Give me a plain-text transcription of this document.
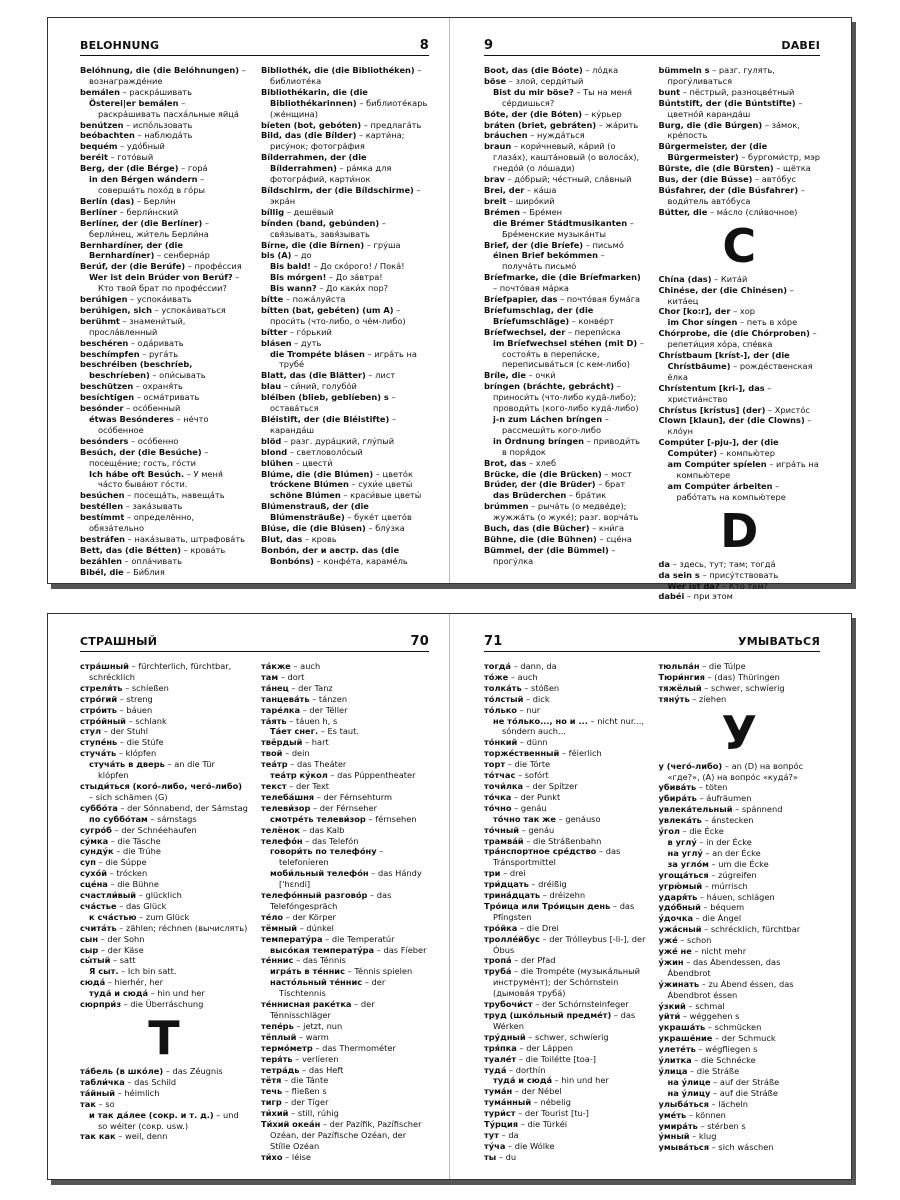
BELOHNUNG	8
Belóhnung, die (die Belóhnungen) – вознаграждéние
bemálen – раскрáшивать
Österei|er bemálen – раскрáшивать пасхáльные яйцá
benútzen – испóльзовать
beóbachten – наблюдáть
bequém – удóбный
beréit – готóвый
Berg, der (die Bérge) – горá
in den Bérgen wándern – совершáть похóд в гóры
Berlín (das) – Берли́н
Berlíner – берли́нский
Berlíner, der (die Berlíner) – берли́нец, жи́тель Берли́на
Bernhardíner, der (die Bernhardíner) – сенбернáр
Berúf, der (die Berúfe) – профéссия
Wer ist dein Brúder von Berúf? – Кто твой брат по профéссии?
berúhigen – успокáивать
berúhigen, sich – успокáиваться
berühmt – знамени́тый, прослáвленный
beschéren – одáривать
beschímpfen – ругáть
beschréiben (beschríeb, beschríeben) – опи́сывать
beschützen – охраня́ть
besíchtigen – осмáтривать
besónder – осóбенный
étwas Besónderes – нéчто осóбенное
besónders – осóбенно
Besúch, der (die Besúche) – посещéние; гость, гóсти
Ich hábe oft Besúch. – У меня́ чáсто быва́ют гóсти.
besúchen – посещáть, навещáть
bestéllen – закáзывать
bestímmt – определённо, обязáтельно
bestráfen – накáзывать, штрафовáть
Bett, das (die Bétten) – кровáть
bezáhlen – оплáчивать
Bibél, die – Би́блия
Bibliothék, die (die Bibliothéken) – библиотéка
Bibliothékarin, die (die Bibliothékarinnen) – библиотéкарь (жéнщина)
bíeten (bot, gebóten) – предлагáть
Bild, das (die Bílder) – карти́на; рисýнок; фотогрáфия
Bílderrahmen, der (die Bílderrahmen) – рáмка для фотогрáфий, карти́нок
Bíldschirm, der (die Bíldschirme) – экрáн
bíllig – дешёвый
bínden (band, gebúnden) – свя́зывать, завя́зывать
Bírne, die (die Bírnen) – грýша
bis (A) – до
Bis bald! – До скóрого! / Покá!
Bis mórgen! – До зáвтра!
Bis wann? – До каки́х пор?
bítte – пожáлуйста
bítten (bat, gebéten) (um A) – проси́ть (что-либо, о чём-либо)
bítter – гóрький
blásen – дуть
die Trompéte blásen – игрáть на трубé
Blatt, das (die Blätter) – лист
blau – си́ний, голубóй
bléiben (blieb, geblíeben) s – оставáться
Bléistift, der (die Bléistifte) – карандáш
blöd – разг. дурáцкий, глýпый
blond – светловолóсый
blühen – цвести́
Blúme, die (die Blúmen) – цветóк
tróckene Blúmen – сухи́е цветы́
schöne Blúmen – краси́вые цветы́
Blúmenstrauß, der (die Blúmensträuße) – букéт цветóв
Blúse, die (die Blúsen) – блýзка
Blut, das – кровь
Bonbón, der и австр. das (die Bonbóns) – конфéта, карамéль
9	DABEI
Boot, das (die Bóote) – лóдка
böse – злой, серди́тый
Bist du mir böse? – Ты на меня́ сéрдишься?
Bóte, der (die Bóten) – кýрьер
bráten (briet, gebráten) – жáрить
bráuchen – нуждáться
braun – кори́чневый, кáрий (о глазáх), каштáновый (о волосáх), гнедóй (о лóшади)
brav – дóбрый; чéстный, слáвный
Brei, der – кáша
breit – широ́кий
Brémen – Брéмен
die Brémer Stádtmusikanten – Брéменские музыкáнты
Brief, der (die Bríefe) – письмó
éinen Brief bekómmen – получáть письмó
Bríefmarke, die (die Bríefmarken) – почтóвая мáрка
Bríefpapier, das – почтóвая бумáга
Bríefumschlag, der (die Bríefumschläge) – конвéрт
Bríefwechsel, der – перепи́ска
im Bríefwechsel stéhen (mit D) – состоя́ть в перепи́ске, переписывáться (с кем-либо)
Bríle, die – очки́
bríngen (bráchte, gebrácht) – приноси́ть (что-либо кудá-либо); проводи́ть (кого-либо кудá-либо)
j-n zum Láchen bríngen – рассмеши́ть кого-либо
in Órdnung bríngen – приводи́ть в поря́док
Brot, das – хлеб
Brücke, die (die Brücken) – мост
Brúder, der (die Brüder) – брат
das Brüderchen – брáтик
brúmmen – рычáть (о медвéде); жужжáть (о жукé); разг. ворчáть
Buch, das (die Bücher) – кни́га
Bühne, die (die Bühnen) – сцéна
Bümmel, der (die Bümmel) – прогýлка
bümmeln s – разг. гулять, прогýливаться
bunt – пёстрый, разноцвéтный
Búntstift, der (die Búntstifte) – цветнóй карандáш
Burg, die (die Búrgen) – зáмок, крéпость
Bürgermeister, der (die Bürgermeister) – бургоми́стр, мэр
Bürste, die (die Bürsten) – щётка
Bus, der (die Bússe) – автóбус
Búsfahrer, der (die Búsfahrer) – води́тель автóбуса
Bútter, die – мáсло (сли́вочное)
C
Chína (das) – Китáй
Chinése, der (die Chinésen) – китáец
Chor [ko:r], der – хор
im Chor síngen – петь в хóре
Chórprobe, die (die Chórproben) – репети́ция хóра, спéвка
Chrístbaum [kríst-], der (die Chrístbäume) – рождéственская ёлка
Chrístentum [kri-], das – христиáнство
Chrístus [krístus] (der) – Христóс
Clown [klaun], der (die Clowns) – клóун
Compúter [-pju-], der (die Compúter) – компью́тер
am Compúter spíelen – игрáть на компью́тере
am Compúter árbeiten – рабóтать на компью́тере
D
da – здесь, тут; там; тогдá
da sein s – прису́тствовать
Wer ist da? – Кто там?
dabéi – при этом
СТРАШНЫЙ	70
стрáшный – fürchterlich, fürchtbar, schrécklich
стреля́ть – schíeßen
стрóгий – streng
стрóить – báuen
стрóйный – schlank
стул – der Stuhl
ступéнь – die Stúfe
стучáть – klópfen
стучáть в дверь – an die Tür klópfen
стыди́ться (когó-либо, чегó-либо) – sich schämen (G)
суббóта – der Sónnabend, der Sámstag
по суббóтам – sámstags
сугрóб – der Schnéehaufen
сýмка – die Tásche
сундýк – die Trúhe
суп – die Súppe
сухóй – trócken
сцéна – die Bühne
счастли́вый – glücklich
счáстье – das Glück
к счáстью – zum Glück
считáть – zählen; réchnen (вычислять)
сын – der Sohn
сыр – der Käse
сы́тый – satt
Я сыт. – Ich bin satt.
сюдá – hierhér, her
тудá и сюдá – hin und her
сюрпри́з – die Überráschung
Т
тáбель (в шкóле) – das Zéugnis
табли́чка – das Schild
тáйный – héimlich
так – so
и так дáлее (сокр. и т. д.) – und so wéiter (сокр. usw.)
так как – weil, denn
тáкже – auch
там – dort
тáнец – der Tanz
танцевáть – tánzen
тарéлка – der Téller
тáять – táuen h, s
Тáет снег. – Es taut.
твёрдый – hart
твой – dein
теáтр – das Theáter
теáтр кýкол – das Púppentheater
текст – der Text
телебáшня – der Férnsehturm
телеви́зор – der Férnseher
смотрéть телеви́зор – férnsehen
телёнок – das Kalb
телефóн – das Telefón
говори́ть по телефóну – telefoníeren
моби́льный телефóн – das Hándy ['hɛndi]
телефóнный разговóр – das Telefóngespräch
тéло – der Körper
тёмный – dúnkel
температýра – die Temperatúr
высóкая температýра – das Fíeber
тéннис – das Ténnis
игрáть в тéннис – Ténnis spielen
настóльный тéннис – der Tíschtennis
тéннисная ракéтка – der Ténnisschläger
тепéрь – jetzt, nun
тёплый – warm
термóметр – das Thermométer
теря́ть – verlíeren
тетрáдь – das Heft
тётя – die Tánte
течь – fließen s
тигр – der Tíger
ти́хий – still, rúhig
Ти́хий океáн – der Pazífik, Pazífischer Ozéan, der Pazífische Ozéan, der Stílle Ozéan
ти́хо – léise
71	УМЫВАТЬСЯ
тогдá – dann, da
тóже – auch
толкáть – stóßen
тóлстый – dick
тóлько – nur
не тóлько..., но и ... – nicht nur..., sóndern auch...
тóнкий – dünn
торжéственный – féierlich
торт – die Tórte
тóтчас – sofórt
точи́лка – der Spítzer
тóчка – der Punkt
тóчно – genáu
тóчно так же – genáuso
тóчный – genáu
трамвáй – die Stráßenbahn
трáнспортное срéдство – das Tránsportmittel
три – drei
три́дцать – dréißig
трина́дцать – dréizehn
Трóица или Трóицын день – das Pfíngsten
трóйка – die Drei
троллéйбус – der Trólleybus [-li-], der Óbus
тропá – der Pfad
трубá – die Trompéte (музыкáльный инструмéнт); der Schórnstein (дымовáя трубá)
трубочи́ст – der Schórnsteinfeger
труд (шкóльный предмéт) – das Wérken
трýдный – schwer, schwíerig
тря́пка – der Láppen
туалéт – die Toilétte [toa-]
тудá – dorthín
тудá и сюдá – hin und her
тумáн – der Nébel
тумáнный – nébelig
тури́ст – der Tourist [tu-]
Тýрция – die Türkéi
тут – da
тýча – die Wólke
ты – du
тюльпáн – die Túlpe
Тюри́нгия – (das) Thüringen
тяжёлый – schwer, schwíerig
тянýть – zíehen
У
у (чегó-либо) – an (D) на вопрóс «где?», (A) на вопрóс «кудá?»
убивáть – töten
убирáть – áufräumen
увлекáтельный – spánnend
увлекáть – ánstecken
ýгол – die Écke
в углý – in der Écke
на углý – an der Écke
за углóм – um die Écke
угощáться – zúgreifen
угрю́мый – múrrisch
ударя́ть – háuen, schlágen
удóбный – béquem
ýдочка – die Ángel
ужáсный – schrécklich, fürchtbar
ужé – schon
ужé не – nicht mehr
ýжин – das Ábendessen, das Ábendbrot
ýжинать – zu Ábend éssen, das Ábendbrot éssen
ýзкий – schmal
уйти́ – wéggehen s
украшáть – schmücken
украшéние – der Schmuck
улетéть – wégfliegen s
ýлитка – die Schnécke
ýлица – die Stráße
на ýлице – auf der Stráße
на ýлицу – auf die Stráße
улыбáться – lächeln
умéть – können
умирáть – stérben s
ýмный – klug
умывáться – sich wáschen
